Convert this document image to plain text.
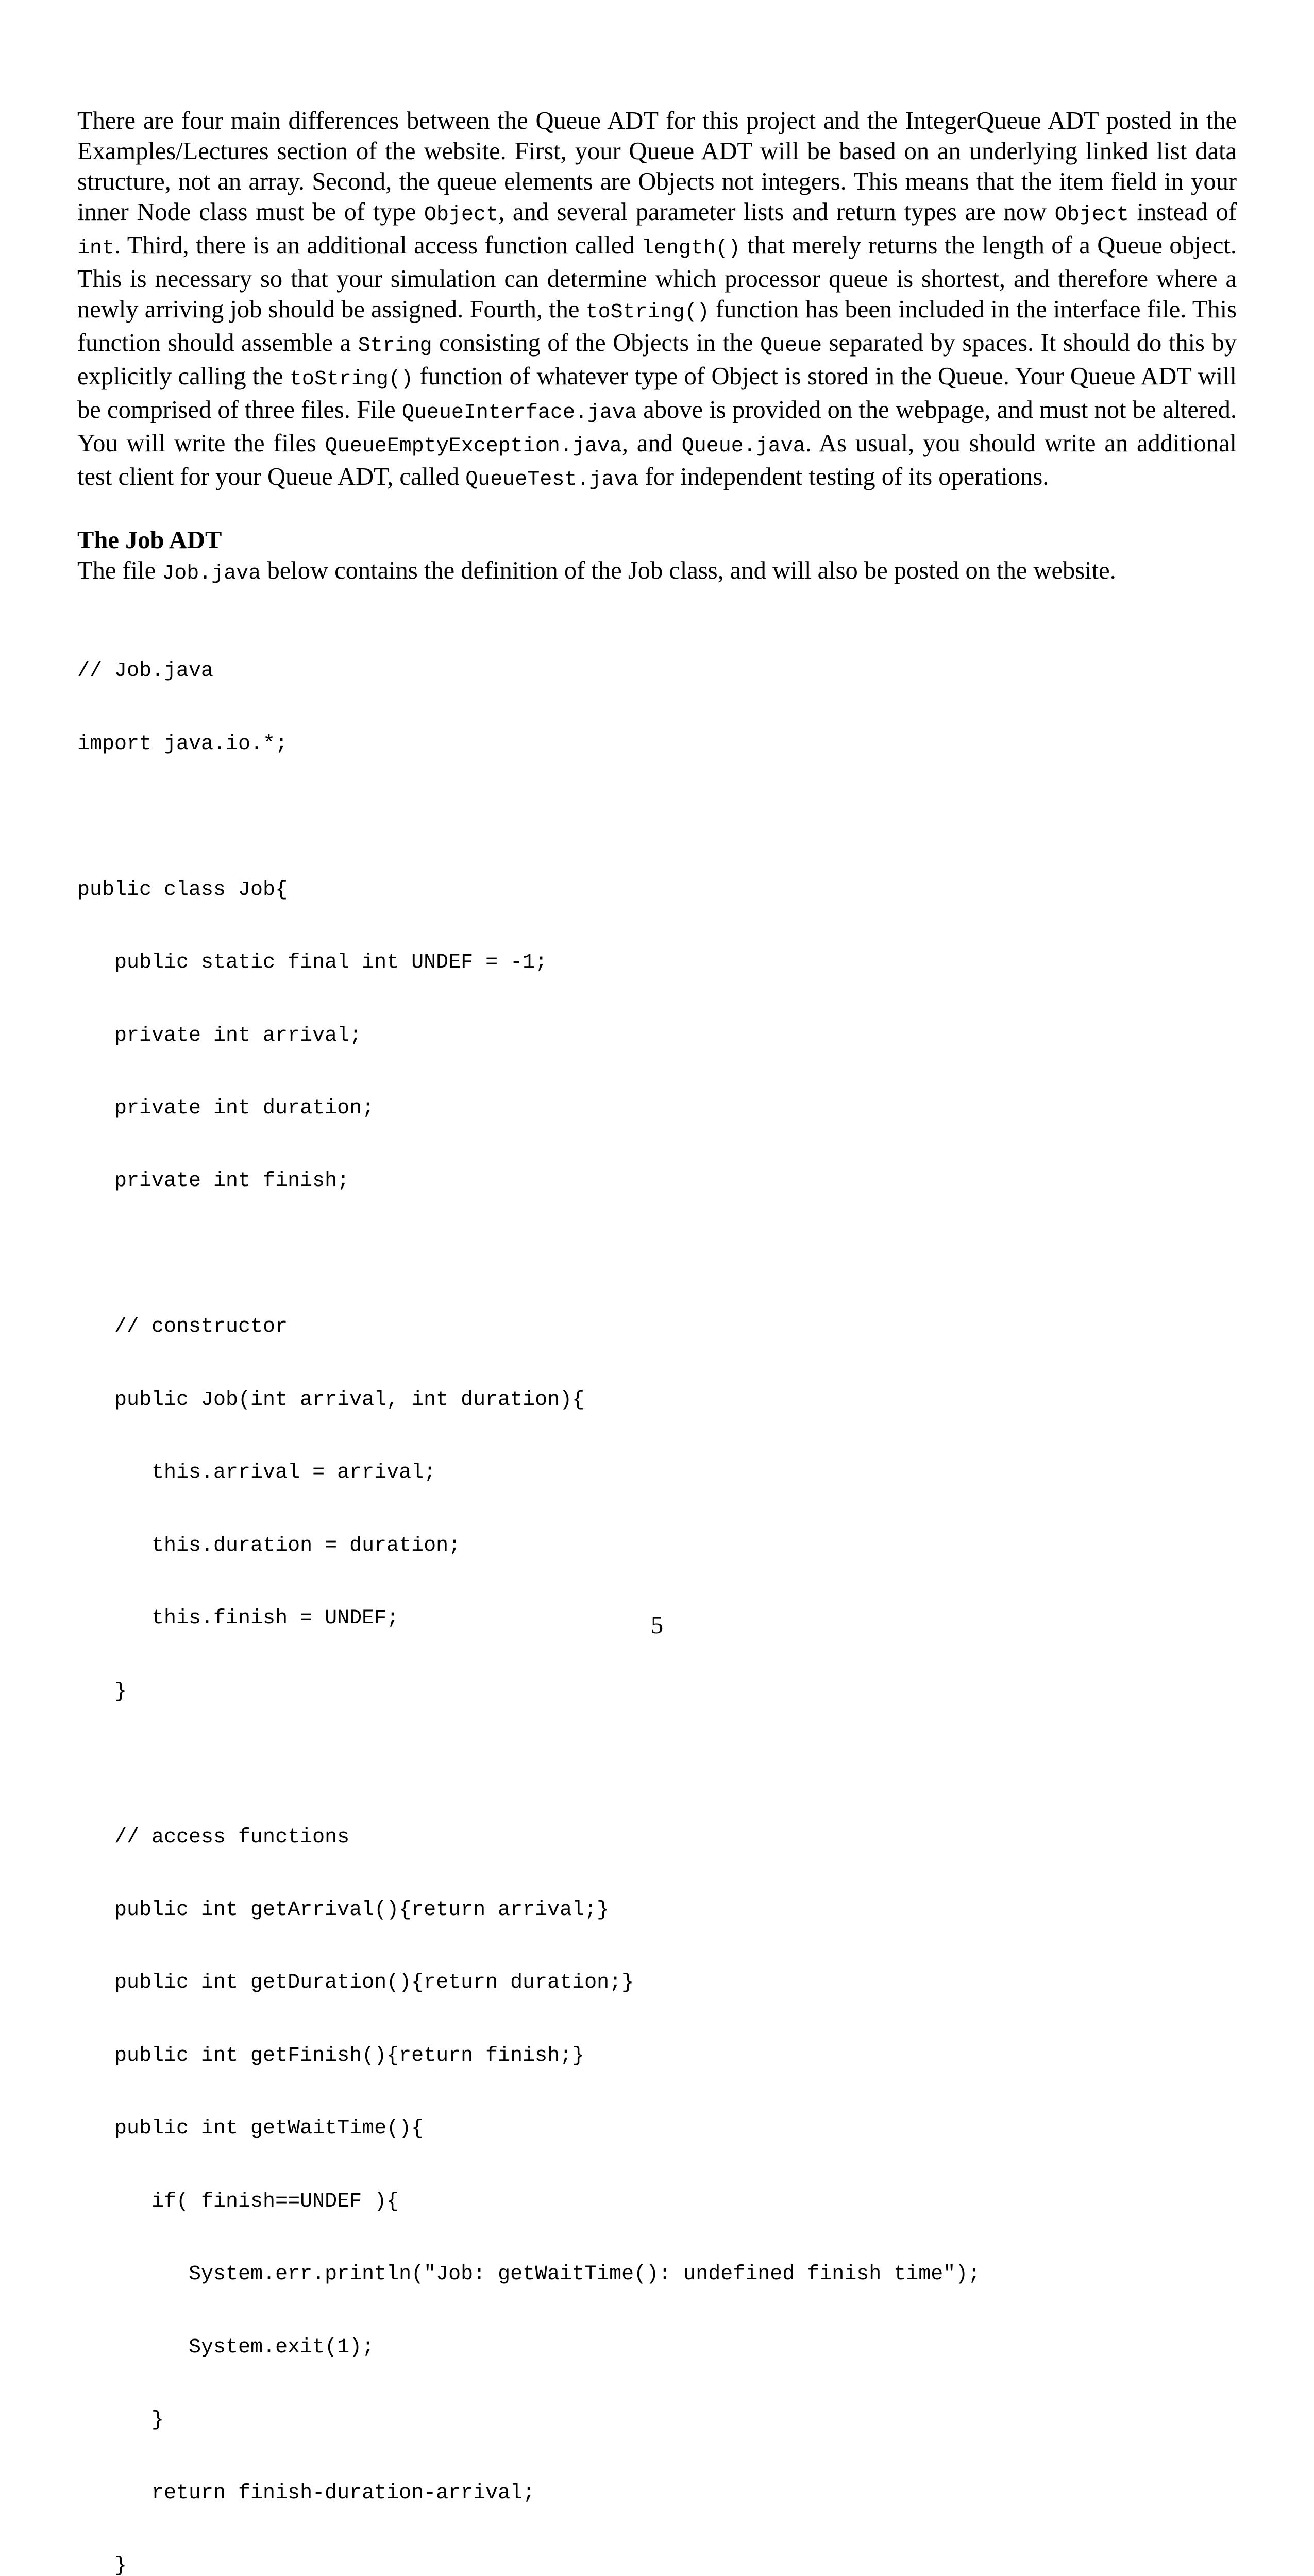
There are four main differences between the Queue ADT for this project and the IntegerQueue ADT posted in the Examples/Lectures section of the website. First, your Queue ADT will be based on an underlying linked list data structure, not an array. Second, the queue elements are Objects not integers. This means that the item field in your inner Node class must be of type Object, and several parameter lists and return types are now Object instead of int. Third, there is an additional access function called length() that merely returns the length of a Queue object. This is necessary so that your simulation can determine which processor queue is shortest, and therefore where a newly arriving job should be assigned. Fourth, the toString() function has been included in the interface file. This function should assemble a String consisting of the Objects in the Queue separated by spaces. It should do this by explicitly calling the toString() function of whatever type of Object is stored in the Queue. Your Queue ADT will be comprised of three files. File QueueInterface.java above is provided on the webpage, and must not be altered. You will write the files QueueEmptyException.java, and Queue.java. As usual, you should write an additional test client for your Queue ADT, called QueueTest.java for independent testing of its operations.

The Job ADT

The file Job.java below contains the definition of the Job class, and will also be posted on the website.

// Job.java

import java.io.*;

public class Job{

public static final int UNDEF = -1;

private int arrival;

private int duration;

private int finish;

// constructor

public Job(int arrival, int duration){

this.arrival = arrival;

this.duration = duration;

this.finish = UNDEF;

}

// access functions

public int getArrival(){return arrival;}

public int getDuration(){return duration;}

public int getFinish(){return finish;}

public int getWaitTime(){

if( finish==UNDEF ){

System.err.println("Job: getWaitTime(): undefined finish time");

System.exit(1);

}

return finish-duration-arrival;

}

5
